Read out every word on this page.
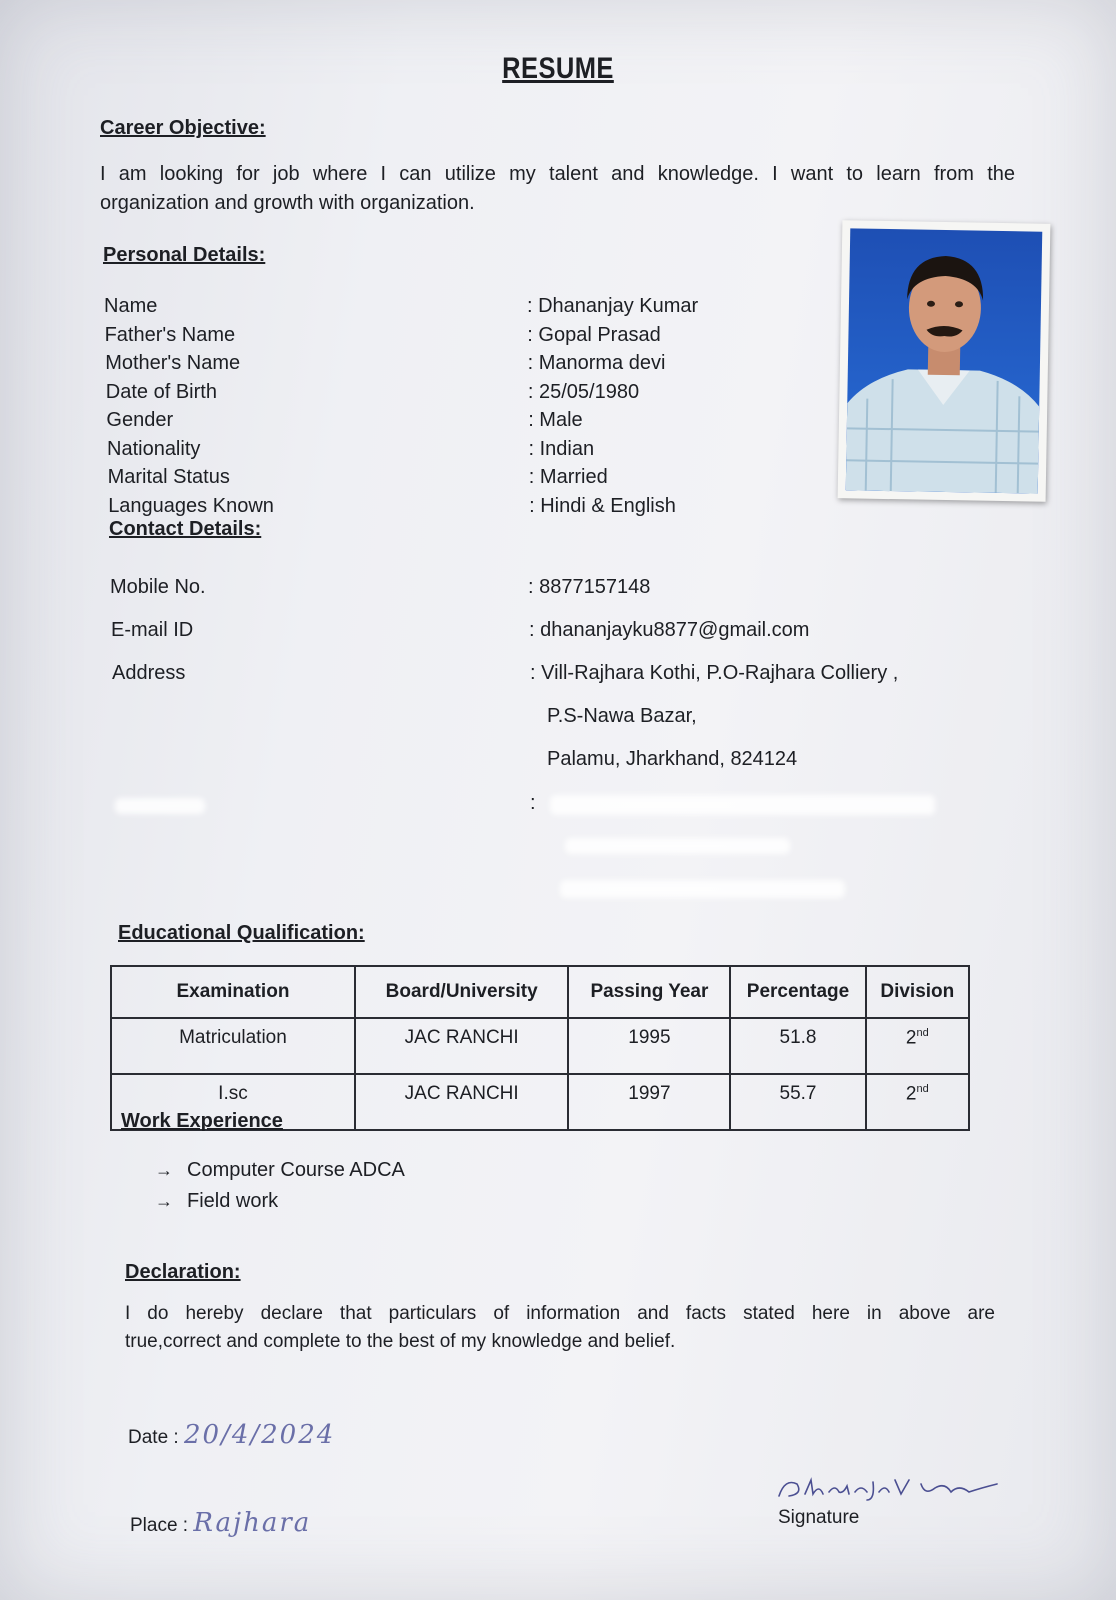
RESUME
Career Objective:
I am looking for job where I can utilize my talent and knowledge. I want to learn from the
organization and growth with organization.
Personal Details:
Name	: Dhananjay Kumar
Father's Name	: Gopal Prasad
Mother's Name	: Manorma devi
Date of Birth	: 25/05/1980
Gender	: Male
Nationality	: Indian
Marital Status	: Married
Languages Known	: Hindi & English
Contact Details:
Mobile No.	: 8877157148
E-mail ID	: dhananjayku8877@gmail.com
Address	: Vill-Rajhara Kothi, P.O-Rajhara Colliery ,
P.S-Nawa Bazar,
Palamu, Jharkhand, 824124
:
Educational Qualification:
Examination	Board/University	Passing Year	Percentage	Division
Matriculation	JAC RANCHI	1995	51.8	2nd
I.sc	JAC RANCHI	1997	55.7	2nd
Work Experience
→ Computer Course ADCA
→ Field work
Declaration:
I do hereby declare that particulars of information and facts stated here in above are
true,correct and complete to the best of my knowledge and belief.
Date : 20/4/2024
Place : Rajhara	Signature
